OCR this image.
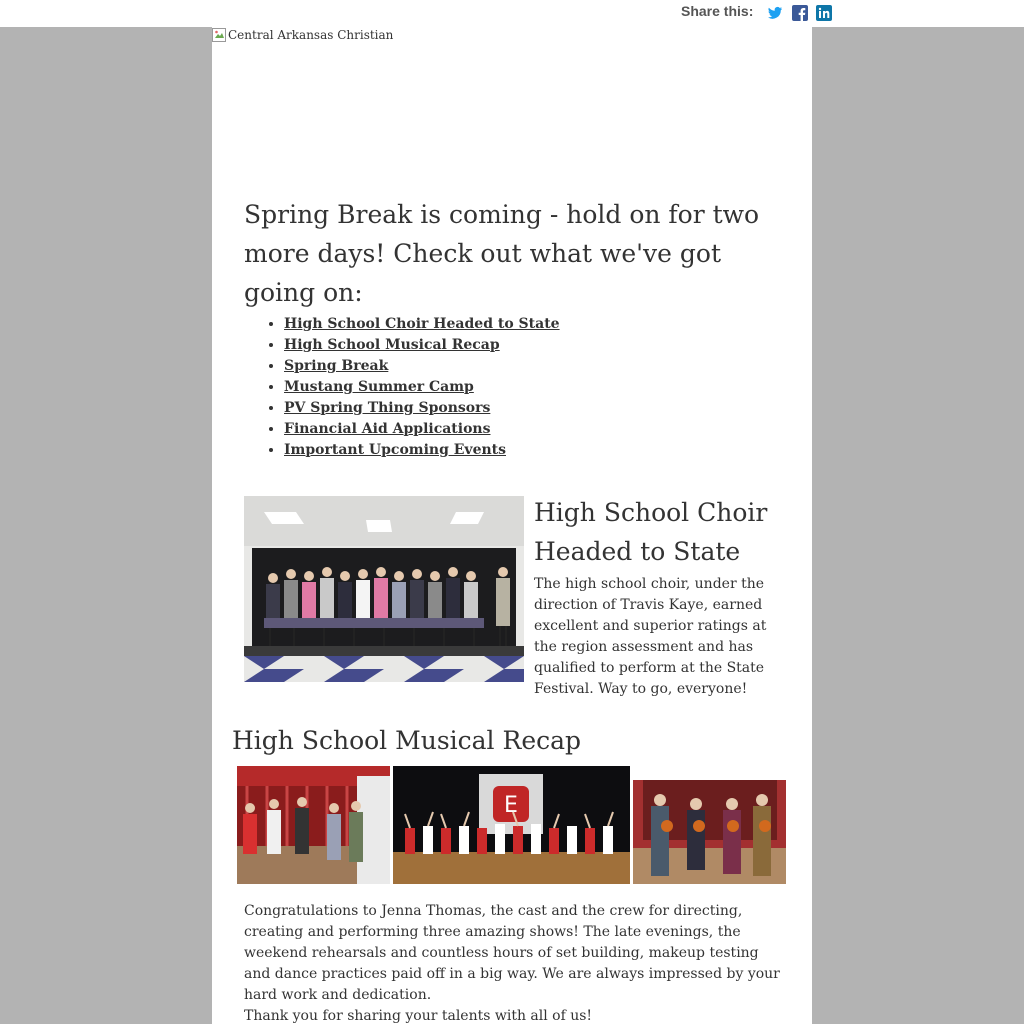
Share this:
Central Arkansas Christian
Spring Break is coming - hold on for two more days! Check out what we've got going on:
• High School Choir Headed to State
• High School Musical Recap
• Spring Break
• Mustang Summer Camp
• PV Spring Thing Sponsors
• Financial Aid Applications
• Important Upcoming Events
High School Choir Headed to State

The high school choir, under the direction of Travis Kaye, earned excellent and superior ratings at the region assessment and has qualified to perform at the State Festival. Way to go, everyone!

High School Musical Recap
E

Congratulations to Jenna Thomas, the cast and the crew for directing, creating and performing three amazing shows! The late evenings, the weekend rehearsals and countless hours of set building, makeup testing and dance practices paid off in a big way. We are always impressed by your hard work and dedication.

Thank you for sharing your talents with all of us!
